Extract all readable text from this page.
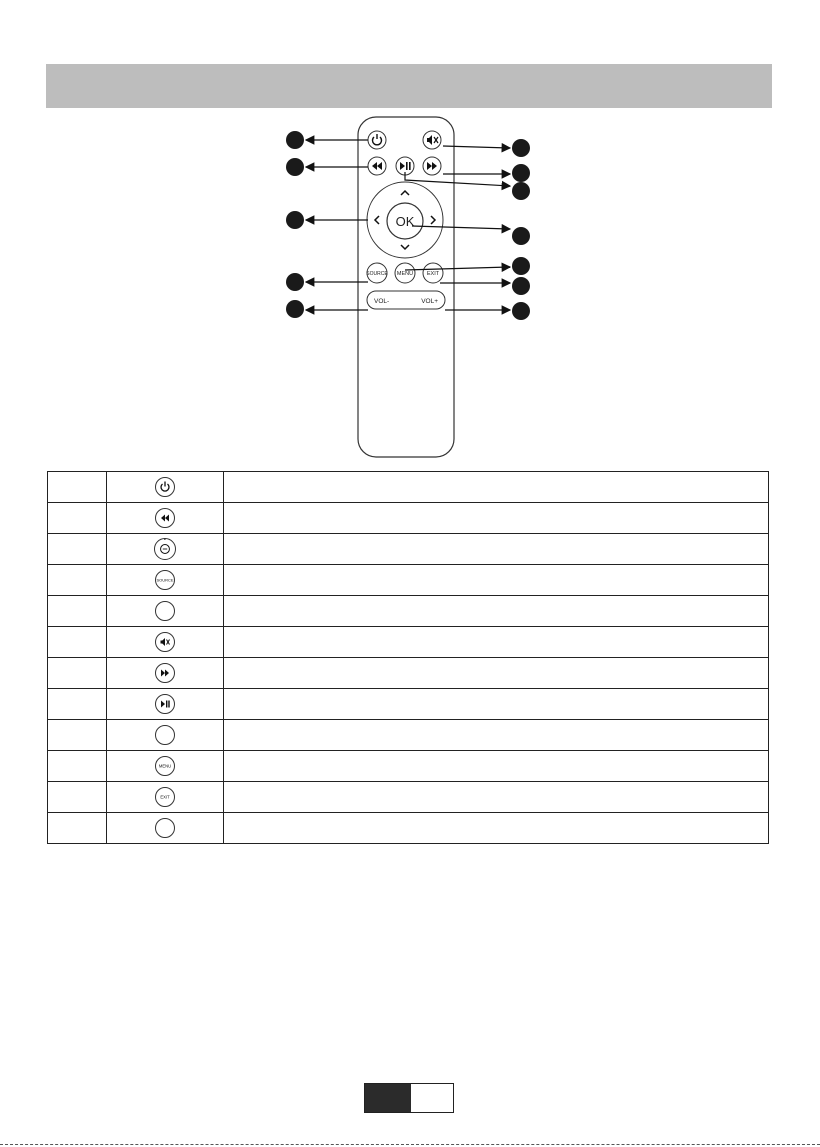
OK
SOURCE MENU	EXIT
VOL-	VOL+

	•	

SOURCE	

MENU	

EXIT	
